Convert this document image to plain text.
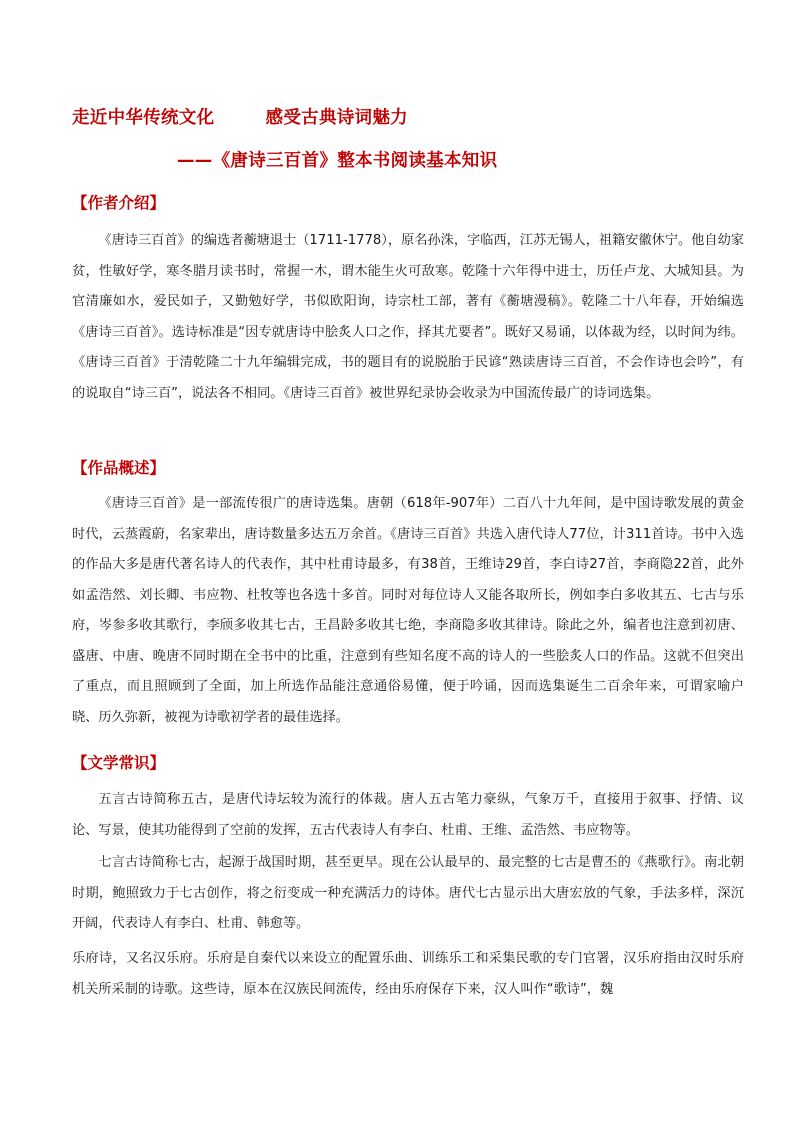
走近中华传统文化        感受古典诗词魅力
——《唐诗三百首》整本书阅读基本知识
【作者介绍】

《唐诗三百首》的编选者蘅塘退士（1711-1778），原名孙洙，字临西，江苏无锡人，祖籍安徽休宁。他自幼家贫，性敏好学，寒冬腊月读书时，常握一木，谓木能生火可敌寒。乾隆十六年得中进士，历任卢龙、大城知县。为官清廉如水，爱民如子，又勤勉好学，书似欧阳询，诗宗杜工部，著有《蘅塘漫稿》。乾隆二十八年春，开始编选《唐诗三百首》。选诗标准是“因专就唐诗中脍炙人口之作，择其尤要者”。既好又易诵，以体裁为经，以时间为纬。《唐诗三百首》于清乾隆二十九年编辑完成，书的题目有的说脱胎于民谚“熟读唐诗三百首，不会作诗也会吟”，有的说取自“诗三百”，说法各不相同。《唐诗三百首》被世界纪录协会收录为中国流传最广的诗词选集。

【作品概述】

《唐诗三百首》是一部流传很广的唐诗选集。唐朝（618年-907年）二百八十九年间，是中国诗歌发展的黄金时代，云蒸霞蔚，名家辈出，唐诗数量多达五万余首。《唐诗三百首》共选入唐代诗人77位，计311首诗。书中入选的作品大多是唐代著名诗人的代表作，其中杜甫诗最多，有38首，王维诗29首，李白诗27首，李商隐22首，此外如孟浩然、刘长卿、韦应物、杜牧等也各选十多首。同时对每位诗人又能各取所长，例如李白多收其五、七古与乐府，岑参多收其歌行，李颀多收其七古，王昌龄多收其七绝，李商隐多收其律诗。除此之外，编者也注意到初唐、盛唐、中唐、晚唐不同时期在全书中的比重，注意到有些知名度不高的诗人的一些脍炙人口的作品。这就不但突出了重点，而且照顾到了全面，加上所选作品能注意通俗易懂，便于吟诵，因而选集诞生二百余年来，可谓家喻户晓、历久弥新，被视为诗歌初学者的最佳选择。

【文学常识】

五言古诗简称五古，是唐代诗坛较为流行的体裁。唐人五古笔力豪纵，气象万千，直接用于叙事、抒情、议论、写景，使其功能得到了空前的发挥，五古代表诗人有李白、杜甫、王维、孟浩然、韦应物等。

七言古诗简称七古，起源于战国时期，甚至更早。现在公认最早的、最完整的七古是曹丕的《燕歌行》。南北朝时期，鲍照致力于七古创作，将之衍变成一种充满活力的诗体。唐代七古显示出大唐宏放的气象，手法多样，深沉开阔，代表诗人有李白、杜甫、韩愈等。

乐府诗，又名汉乐府。乐府是自秦代以来设立的配置乐曲、训练乐工和采集民歌的专门官署，汉乐府指由汉时乐府机关所采制的诗歌。这些诗，原本在汉族民间流传，经由乐府保存下来，汉人叫作“歌诗”，魏
